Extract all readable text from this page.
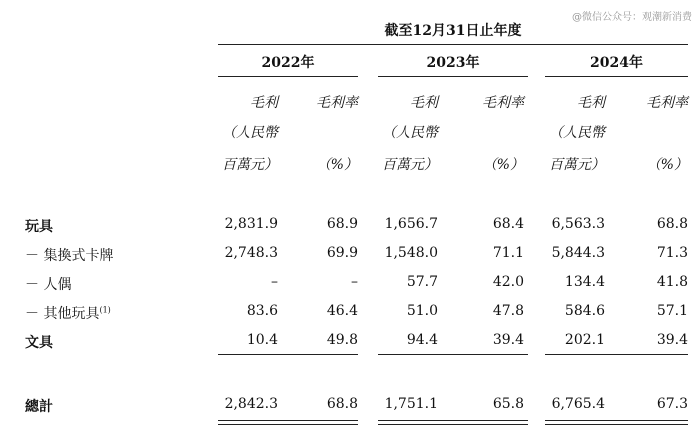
@微信公众号：观潮新消费
截至12月31日止年度
2022年	2023年	2024年
毛利	毛利率	毛利	毛利率	毛利	毛利率
（人民幣	（人民幣	（人民幣
百萬元）	（%） 百萬元）	（%） 百萬元）	（%）
玩具	2,831.9	68.9	1,656.7	68.4	6,563.3	68.8
－ 集換式卡牌	2,748.3	69.9	1,548.0	71.1	5,844.3	71.3
－ 人偶	–	–	57.7	42.0	134.4	41.8
－ 其他玩具$^{(1)}$	83.6	46.4	51.0	47.8	584.6	57.1
文具	10.4	49.8	94.4	39.4	202.1	39.4
總計	2,842.3	68.8	1,751.1	65.8	6,765.4	67.3
